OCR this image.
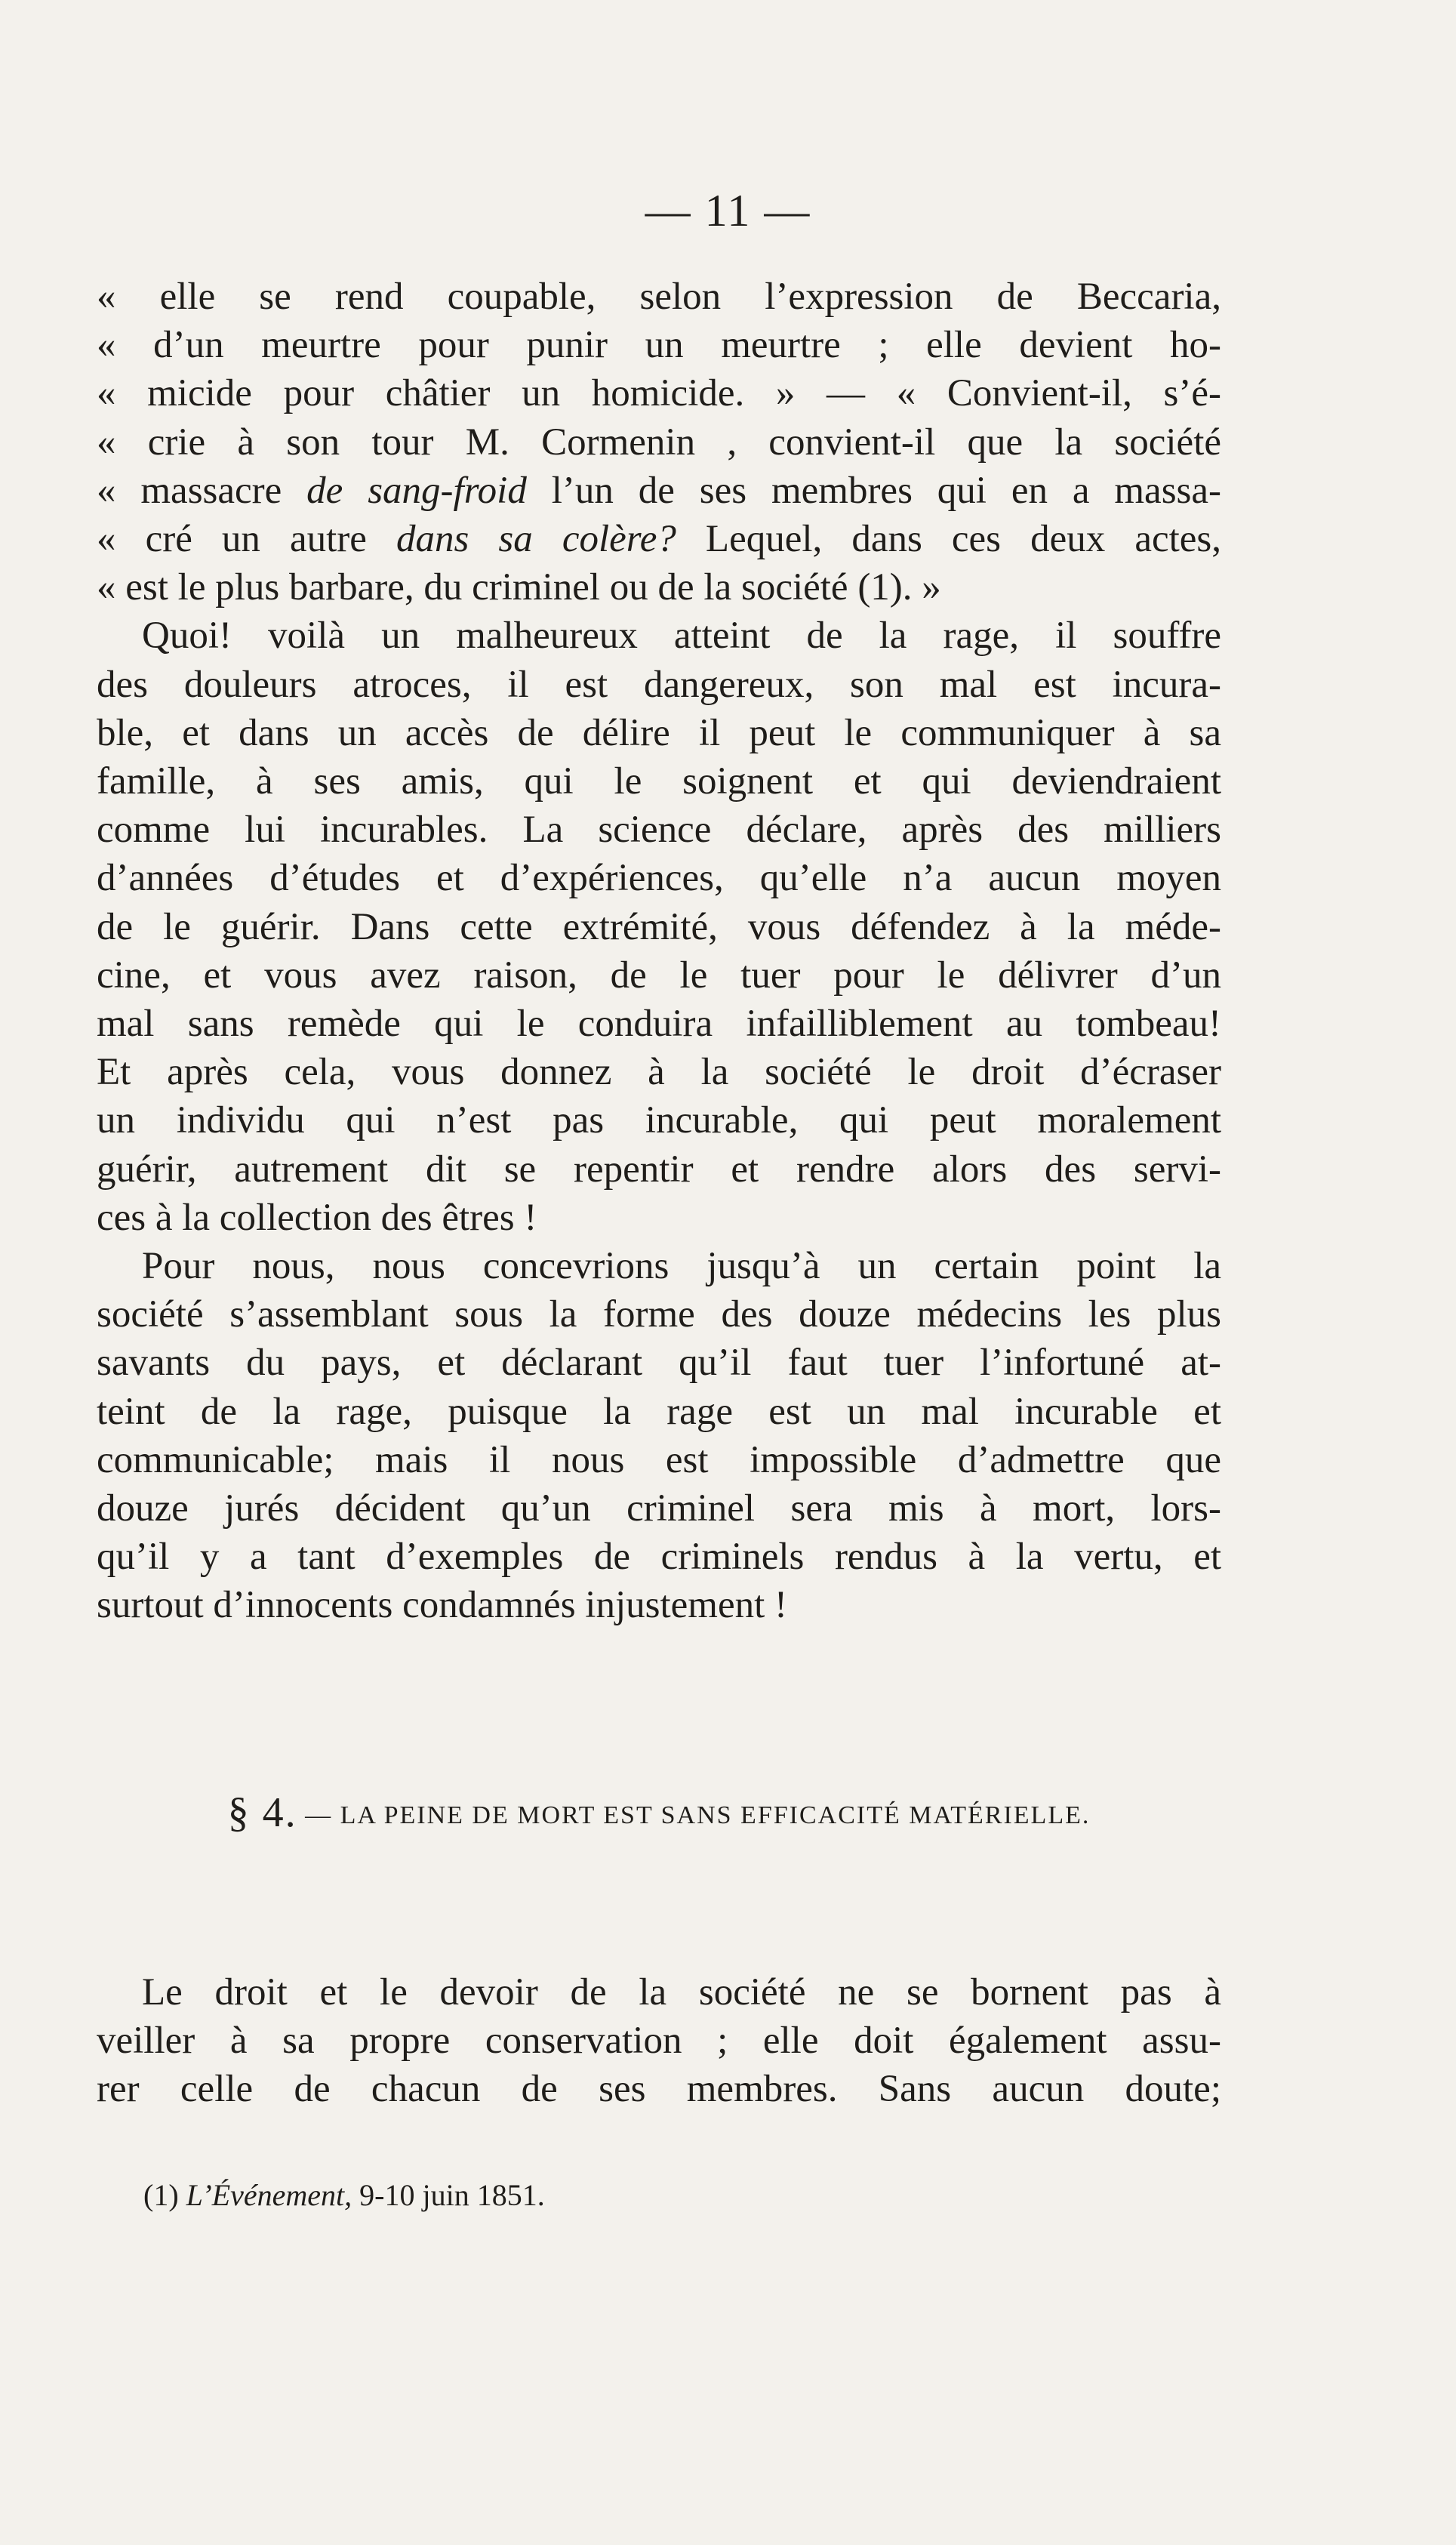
— 11 —
« elle se rend coupable, selon l’expression de Beccaria,
« d’un meurtre pour punir un meurtre ; elle devient ho-
« micide pour châtier un homicide. » — « Convient-il, s’é-
« crie à son tour M. Cormenin , convient-il que la société
« massacre de sang-froid l’un de ses membres qui en a massa-
« cré un autre dans sa colère? Lequel, dans ces deux actes,
« est le plus barbare, du criminel ou de la société (1). »
Quoi! voilà un malheureux atteint de la rage, il souffre
des douleurs atroces, il est dangereux, son mal est incura-
ble, et dans un accès de délire il peut le communiquer à sa
famille, à ses amis, qui le soignent et qui deviendraient
comme lui incurables. La science déclare, après des milliers
d’années d’études et d’expériences, qu’elle n’a aucun moyen
de le guérir. Dans cette extrémité, vous défendez à la méde-
cine, et vous avez raison, de le tuer pour le délivrer d’un
mal sans remède qui le conduira infailliblement au tombeau!
Et après cela, vous donnez à la société le droit d’écraser
un individu qui n’est pas incurable, qui peut moralement
guérir, autrement dit se repentir et rendre alors des servi-
ces à la collection des êtres !
Pour nous, nous concevrions jusqu’à un certain point la
société s’assemblant sous la forme des douze médecins les plus
savants du pays, et déclarant qu’il faut tuer l’infortuné at-
teint de la rage, puisque la rage est un mal incurable et
communicable; mais il nous est impossible d’admettre que
douze jurés décident qu’un criminel sera mis à mort, lors-
qu’il y a tant d’exemples de criminels rendus à la vertu, et
surtout d’innocents condamnés injustement !
§ 4. — LA PEINE DE MORT EST SANS EFFICACITÉ MATÉRIELLE.
Le droit et le devoir de la société ne se bornent pas à
veiller à sa propre conservation ; elle doit également assu-
rer celle de chacun de ses membres. Sans aucun doute;
(1) L’Événement, 9-10 juin 1851.
